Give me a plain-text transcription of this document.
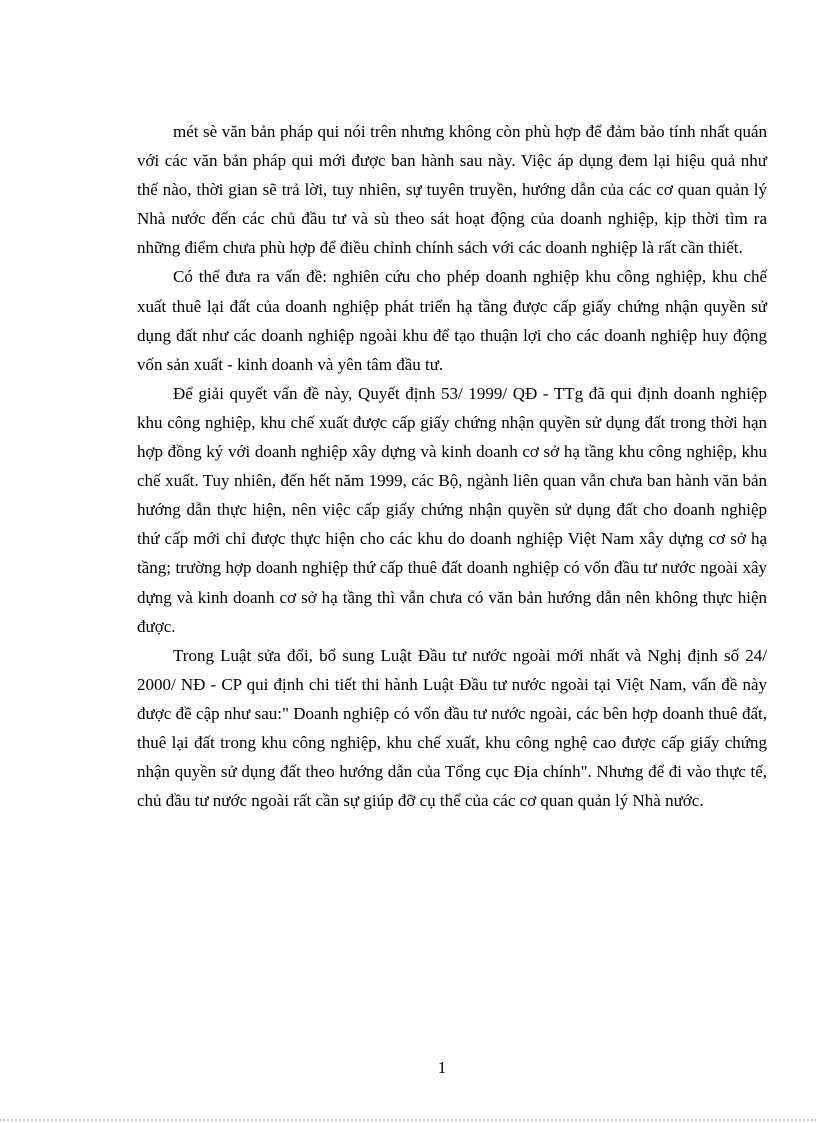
mét sè văn bản pháp qui nói trên nhưng không còn phù hợp để đảm bảo tính nhất quán với các văn bản pháp qui mới được ban hành sau này. Việc áp dụng đem lại hiệu quả như thế nào, thời gian sẽ trả lời, tuy nhiên, sự tuyên truyền, hướng dẫn của các cơ quan quản lý Nhà nước đến các chủ đầu tư và sù theo sát hoạt động của doanh nghiệp, kịp thời tìm ra những điểm chưa phù hợp để điều chỉnh chính sách với các doanh nghiệp là rất cần thiết.

Có thể đưa ra vấn đề: nghiên cứu cho phép doanh nghiệp khu công nghiệp, khu chế xuất thuê lại đất của doanh nghiệp phát triển hạ tầng được cấp giấy chứng nhận quyền sử dụng đất như các doanh nghiệp ngoài khu để tạo thuận lợi cho các doanh nghiệp huy động vốn sản xuất - kinh doanh và yên tâm đầu tư.

Để giải quyết vấn đề này, Quyết định 53/ 1999/ QĐ - TTg đã qui định doanh nghiệp khu công nghiệp, khu chế xuất được cấp giấy chứng nhận quyền sử dụng đất trong thời hạn hợp đồng ký với doanh nghiệp xây dựng và kinh doanh cơ sở hạ tầng khu công nghiệp, khu chế xuất. Tuy nhiên, đến hết năm 1999, các Bộ, ngành liên quan vẫn chưa ban hành văn bản hướng dẫn thực hiện, nên việc cấp giấy chứng nhận quyền sử dụng đất cho doanh nghiệp thứ cấp mới chỉ được thực hiện cho các khu do doanh nghiệp Việt Nam xây dựng cơ sở hạ tầng; trường hợp doanh nghiệp thứ cấp thuê đất doanh nghiệp có vốn đầu tư nước ngoài xây dựng và kinh doanh cơ sở hạ tầng thì vẫn chưa có văn bản hướng dẫn nên không thực hiện được.

Trong Luật sửa đổi, bổ sung Luật Đầu tư nước ngoài mới nhất và Nghị định số 24/ 2000/ NĐ - CP qui định chi tiết thi hành Luật Đầu tư nước ngoài tại Việt Nam, vấn đề này được đề cập như sau:" Doanh nghiệp có vốn đầu tư nước ngoài, các bên hợp doanh thuê đất, thuê lại đất trong khu công nghiệp, khu chế xuất, khu công nghệ cao được cấp giấy chứng nhận quyền sử dụng đất theo hướng dẫn của Tổng cục Địa chính". Nhưng để đi vào thực tế, chủ đầu tư nước ngoài rất cần sự giúp đỡ cụ thể của các cơ quan quản lý Nhà nước.

1
